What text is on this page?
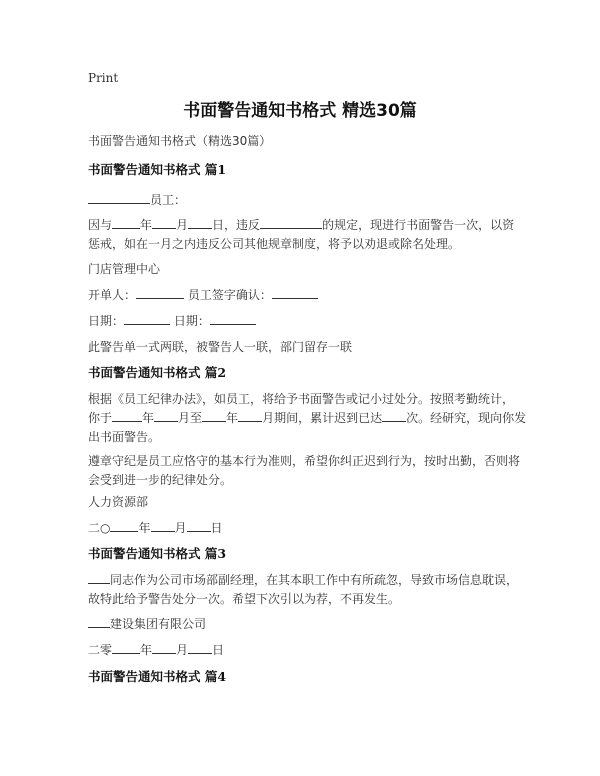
Print
书面警告通知书格式 精选30篇
书面警告通知书格式（精选30篇）
书面警告通知书格式 篇1
员工：
因与 年 月 日，违反	的规定，现进行书面警告一次，以资
惩戒，如在一月之内违反公司其他规章制度，将予以劝退或除名处理。
门店管理中心
开单人：	员工签字确认：
日期：	日期：
此警告单一式两联，被警告人一联，部门留存一联
书面警告通知书格式 篇2
根据《员工纪律办法》，如员工，将给予书面警告或记小过处分。按照考勤统计，
你于	年 月至 年 月期间，累计迟到已达 次。经研究，现向你发
出书面警告。
遵章守纪是员工应恪守的基本行为准则，希望你纠正迟到行为，按时出勤，否则将
会受到进一步的纪律处分。
人力资源部
二○ 年 月 日
书面警告通知书格式 篇3
同志作为公司市场部副经理，在其本职工作中有所疏忽，导致市场信息耽误，
故特此给予警告处分一次。希望下次引以为荐，不再发生。
建设集团有限公司
二零 年 月 日
书面警告通知书格式 篇4
